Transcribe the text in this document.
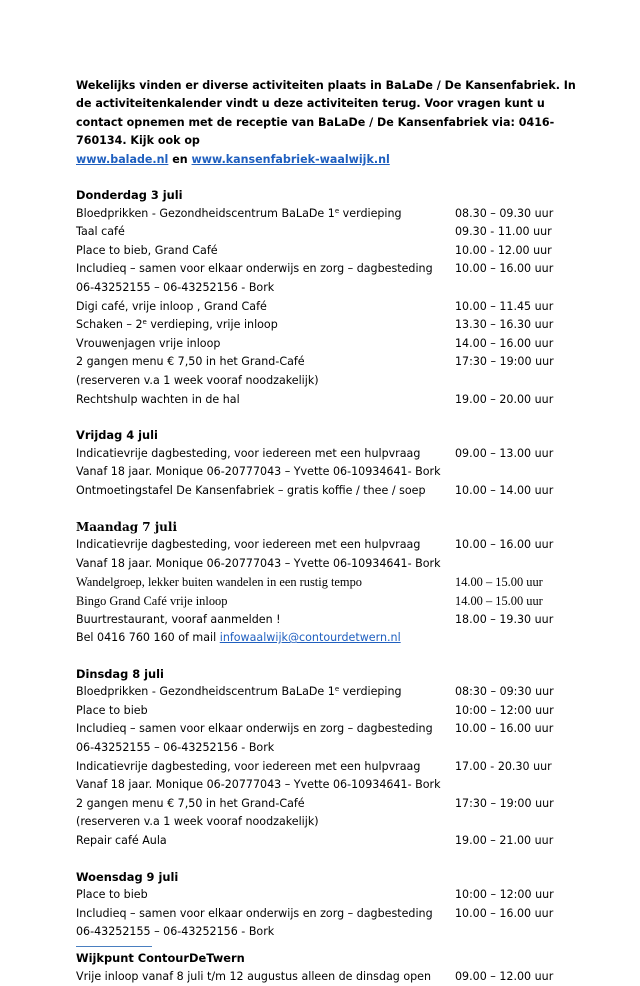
Wekelijks vinden er diverse activiteiten plaats in BaLaDe / De Kansenfabriek. In de activiteitenkalender vindt u deze activiteiten terug. Voor vragen kunt u contact opnemen met de receptie van BaLaDe / De Kansenfabriek via: 0416-760134. Kijk ook op
www.balade.nl en www.kansenfabriek-waalwijk.nl

Donderdag 3 juli
Bloedprikken - Gezondheidscentrum BaLaDe 1e verdieping	08.30 – 09.30 uur
Taal café	09.30 - 11.00 uur
Place to bieb, Grand Café	10.00 - 12.00 uur
Includieq – samen voor elkaar onderwijs en zorg – dagbesteding 10.00 – 16.00 uur
06-43252155 – 06-43252156 - Bork
Digi café, vrije inloop , Grand Café	10.00 – 11.45 uur
Schaken – 2e verdieping, vrije inloop	13.30 – 16.30 uur
Vrouwenjagen vrije inloop	14.00 – 16.00 uur
2 gangen menu € 7,50 in het Grand-Café	17:30 – 19:00 uur
(reserveren v.a 1 week vooraf noodzakelijk)
Rechtshulp wachten in de hal	19.00 – 20.00 uur
Vrijdag 4 juli
Indicatievrije dagbesteding, voor iedereen met een hulpvraag	09.00 – 13.00 uur
Vanaf 18 jaar. Monique 06-20777043 – Yvette 06-10934641- Bork
Ontmoetingstafel De Kansenfabriek – gratis koffie / thee / soep	10.00 – 14.00 uur
Maandag 7 juli
Indicatievrije dagbesteding, voor iedereen met een hulpvraag	10.00 – 16.00 uur
Vanaf 18 jaar. Monique 06-20777043 – Yvette 06-10934641- Bork
Wandelgroep, lekker buiten wandelen in een rustig tempo	14.00 – 15.00 uur
Bingo Grand Café vrije inloop	14.00 – 15.00 uur
Buurtrestaurant, vooraf aanmelden !	18.00 – 19.30 uur
Bel 0416 760 160 of mail infowaalwijk@contourdetwern.nl
Dinsdag 8 juli
Bloedprikken - Gezondheidscentrum BaLaDe 1e verdieping	08:30 – 09:30 uur
Place to bieb	10:00 – 12:00 uur
Includieq – samen voor elkaar onderwijs en zorg – dagbesteding 10.00 – 16.00 uur
06-43252155 – 06-43252156 - Bork
Indicatievrije dagbesteding, voor iedereen met een hulpvraag	17.00 - 20.30 uur
Vanaf 18 jaar. Monique 06-20777043 – Yvette 06-10934641- Bork
2 gangen menu € 7,50 in het Grand-Café	17:30 – 19:00 uur
(reserveren v.a 1 week vooraf noodzakelijk)
Repair café Aula	19.00 – 21.00 uur
Woensdag 9 juli
Place to bieb	10:00 – 12:00 uur
Includieq – samen voor elkaar onderwijs en zorg – dagbesteding 10.00 – 16.00 uur
06-43252155 – 06-43252156 - Bork
Wijkpunt ContourDeTwern
Vrije inloop vanaf 8 juli t/m 12 augustus alleen de dinsdag open 09.00 – 12.00 uur
